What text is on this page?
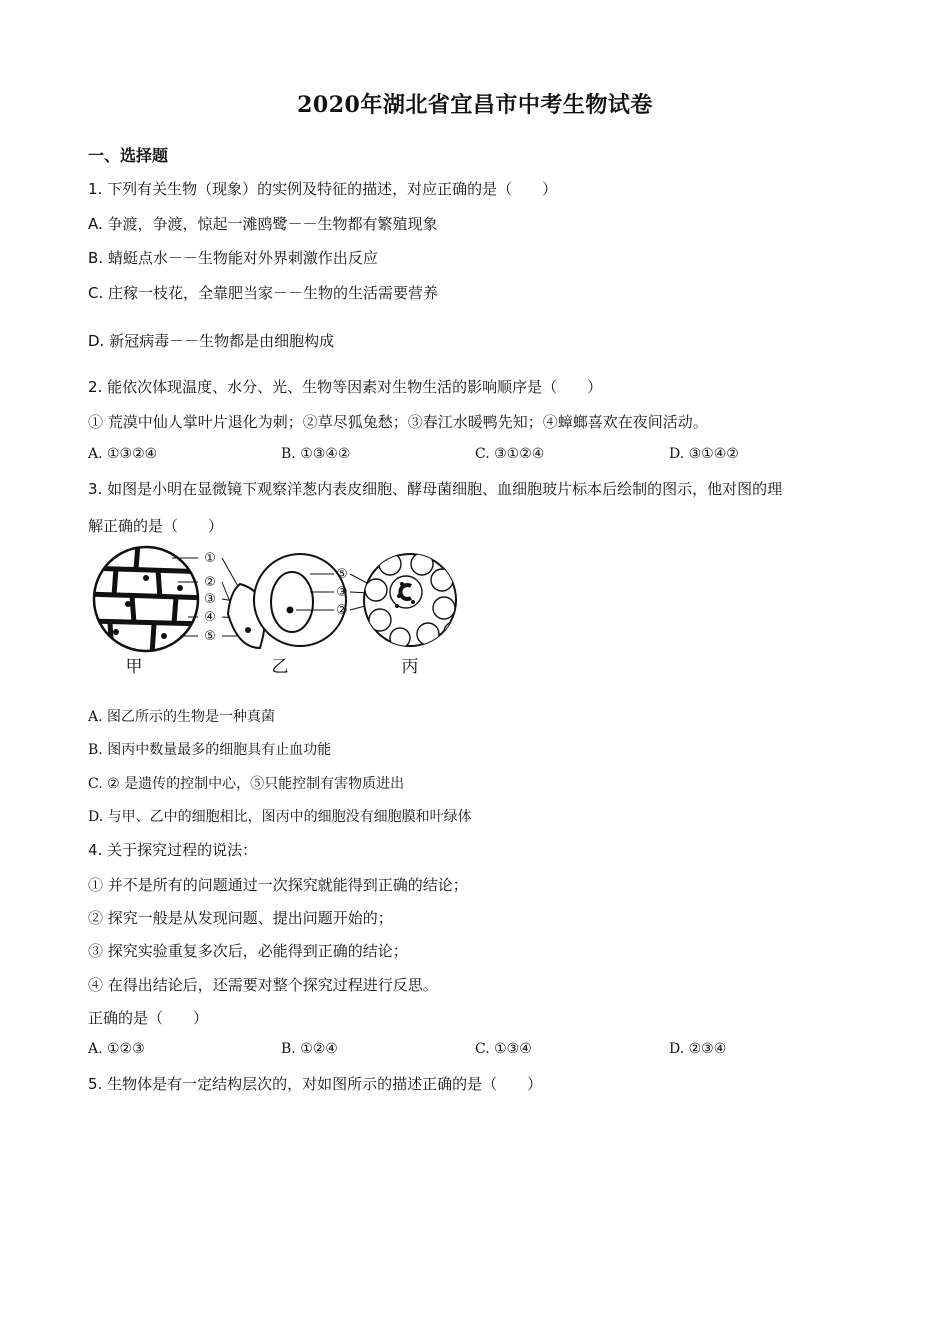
2020年湖北省宜昌市中考生物试卷
一、选择题
1. 下列有关生物（现象）的实例及特征的描述，对应正确的是（　　）
A. 争渡，争渡，惊起一滩鸥鹭－－生物都有繁殖现象
B. 蜻蜓点水－－生物能对外界刺激作出反应
C. 庄稼一枝花，全靠肥当家－－生物的生活需要营养
D. 新冠病毒－－生物都是由细胞构成
2. 能依次体现温度、水分、光、生物等因素对生物生活的影响顺序是（　　）
① 荒漠中仙人掌叶片退化为刺；②草尽狐兔愁；③春江水暖鸭先知；④蟑螂喜欢在夜间活动。
A. ①③②④	B. ①③④②	C. ③①②④	D. ③①④②
3. 如图是小明在显微镜下观察洋葱内表皮细胞、酵母菌细胞、血细胞玻片标本后绘制的图示，他对图的理
解正确的是（　　）
①
②
③
④
⑤
⑤
③
②
甲	乙	丙
A. 图乙所示的生物是一种真菌
B. 图丙中数量最多的细胞具有止血功能
C. ② 是遗传的控制中心，⑤只能控制有害物质进出
D. 与甲、乙中的细胞相比，图丙中的细胞没有细胞膜和叶绿体
4. 关于探究过程的说法：
① 并不是所有的问题通过一次探究就能得到正确的结论；
② 探究一般是从发现问题、提出问题开始的；
③ 探究实验重复多次后，必能得到正确的结论；
④ 在得出结论后，还需要对整个探究过程进行反思。
正确的是（　　）
A. ①②③	B. ①②④	C. ①③④	D. ②③④
5. 生物体是有一定结构层次的，对如图所示的描述正确的是（　　）
